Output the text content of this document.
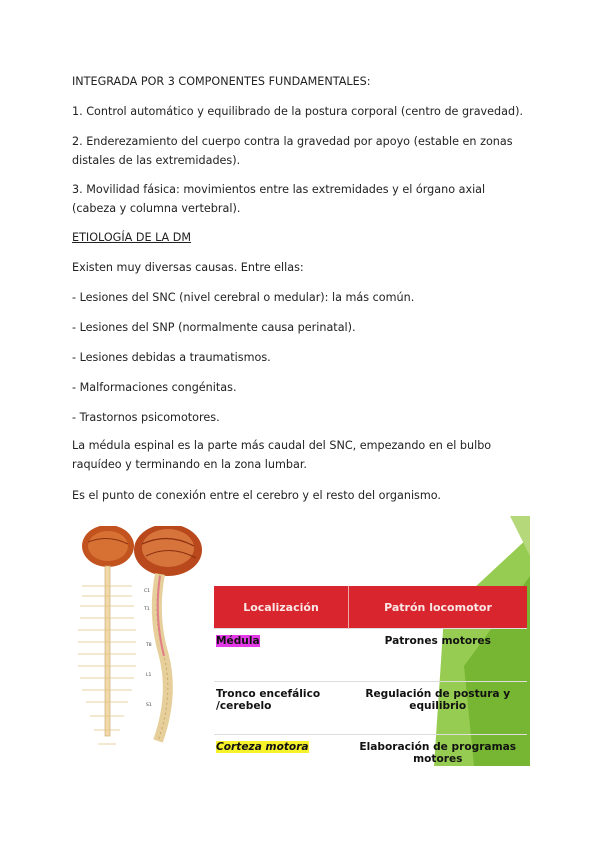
INTEGRADA POR 3 COMPONENTES FUNDAMENTALES:

1. Control automático y equilibrado de la postura corporal (centro de gravedad).

2. Enderezamiento del cuerpo contra la gravedad por apoyo (estable en zonas distales de las extremidades).

3. Movilidad fásica: movimientos entre las extremidades y el órgano axial (cabeza y columna vertebral).

ETIOLOGÍA DE LA DM

Existen muy diversas causas. Entre ellas:

- Lesiones del SNC (nivel cerebral o medular): la más común.

- Lesiones del SNP (normalmente causa perinatal).

- Lesiones debidas a traumatismos.

- Malformaciones congénitas.

- Trastornos psicomotores.

La médula espinal es la parte más caudal del SNC, empezando en el bulbo raquídeo y terminando en la zona lumbar.

Es el punto de conexión entre el cerebro y el resto del organismo.

C1
T1
T8
L1
S1
Localización	Patrón locomotor
Médula	Patrones motores
Tronco encefálico /cerebelo	Regulación de postura y equilibrio
Corteza motora	Elaboración de programas motores
